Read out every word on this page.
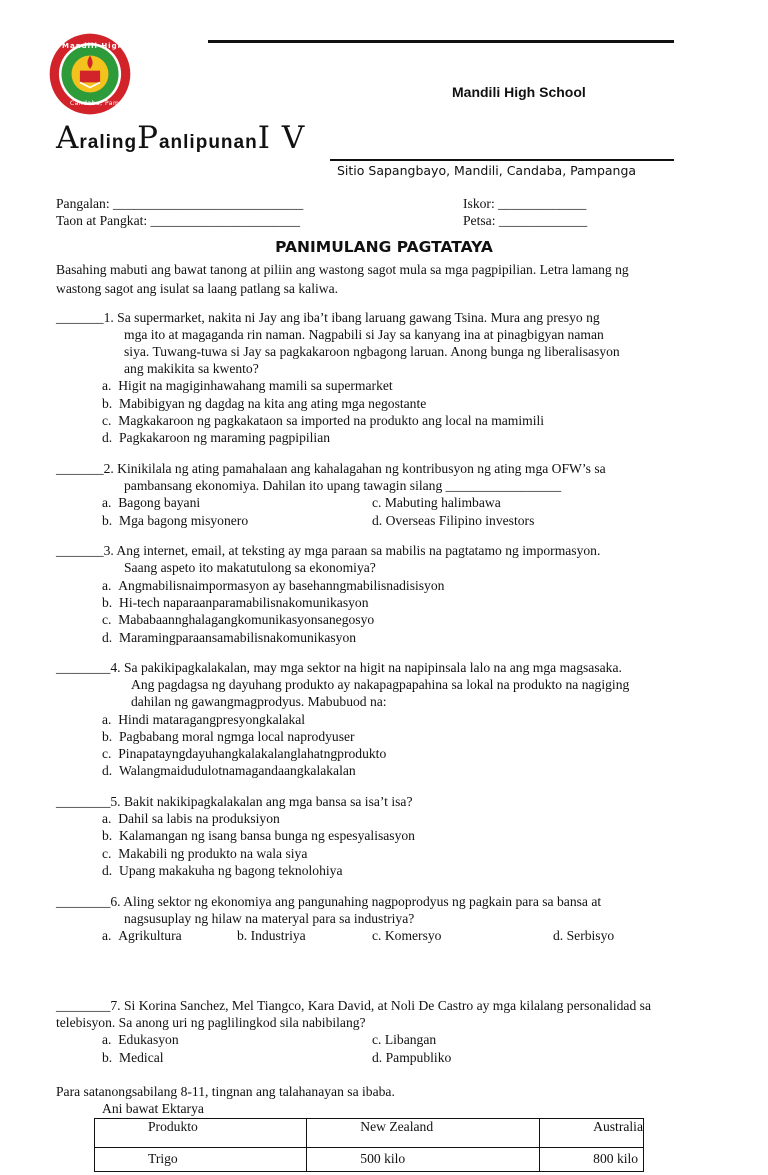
Mandili High School
Candaba, Pampanga
Mandili High School
AralingPanlipunanI V
Sitio Sapangbayo, Mandili, Candaba, Pampanga
Pangalan: ____________________________
Taon at Pangkat: ______________________
Iskor: _____________
Petsa: _____________
PANIMULANG PAGTATAYA
Basahing mabuti ang bawat tanong at piliin ang wastong sagot mula sa mga pagpipilian. Letra lamang ng
wastong sagot ang isulat sa laang patlang sa kaliwa.
_______1. Sa supermarket, nakita ni Jay ang iba’t ibang laruang gawang Tsina. Mura ang presyo ng
mga ito at magaganda rin naman. Nagpabili si Jay sa kanyang ina at pinagbigyan naman
siya. Tuwang-tuwa si Jay sa pagkakaroon ngbagong laruan. Anong bunga ng liberalisasyon
ang makikita sa kwento?
a. Higit na magiginhawahang mamili sa supermarket
b. Mabibigyan ng dagdag na kita ang ating mga negostante
c. Magkakaroon ng pagkakataon sa imported na produkto ang local na mamimili
d. Pagkakaroon ng maraming pagpipilian
_______2. Kinikilala ng ating pamahalaan ang kahalagahan ng kontribusyon ng ating mga OFW’s sa
pambansang ekonomiya. Dahilan ito upang tawagin silang _________________
a. Bagong bayani	c. Mabuting halimbawa
b. Mga bagong misyonero	d. Overseas Filipino investors
_______3. Ang internet, email, at teksting ay mga paraan sa mabilis na pagtatamo ng impormasyon.
Saang aspeto ito makatutulong sa ekonomiya?
a. Angmabilisnaimpormasyon ay basehanngmabilisnadisisyon
b. Hi-tech naparaanparamabilisnakomunikasyon
c. Mababaannghalagangkomunikasyonsanegosyo
d. Maramingparaansamabilisnakomunikasyon
________4. Sa pakikipagkalakalan, may mga sektor na higit na napipinsala lalo na ang mga magsasaka.
Ang pagdagsa ng dayuhang produkto ay nakapagpapahina sa lokal na produkto na nagiging
dahilan ng gawangmagprodyus. Mabubuod na:
a. Hindi mataragangpresyongkalakal
b. Pagbabang moral ngmga local naprodyuser
c. Pinapatayngdayuhangkalakalanglahatngprodukto
d. Walangmaidudulotnamagandaangkalakalan
________5. Bakit nakikipagkalakalan ang mga bansa sa isa’t isa?
a. Dahil sa labis na produksiyon
b. Kalamangan ng isang bansa bunga ng espesyalisasyon
c. Makabili ng produkto na wala siya
d. Upang makakuha ng bagong teknolohiya
________6. Aling sektor ng ekonomiya ang pangunahing nagpoprodyus ng pagkain para sa bansa at
nagsusuplay ng hilaw na materyal para sa industriya?
a. Agrikultura	b. Industriya	c. Komersyo	d. Serbisyo
________7. Si Korina Sanchez, Mel Tiangco, Kara David, at Noli De Castro ay mga kilalang personalidad sa
telebisyon. Sa anong uri ng paglilingkod sila nabibilang?
a. Edukasyon	c. Libangan
b. Medical	d. Pampubliko
Para satanongsabilang 8-11, tingnan ang talahanayan sa ibaba.
Ani bawat Ektarya
Produkto	New Zealand	Australia
Trigo	500 kilo	800 kilo
